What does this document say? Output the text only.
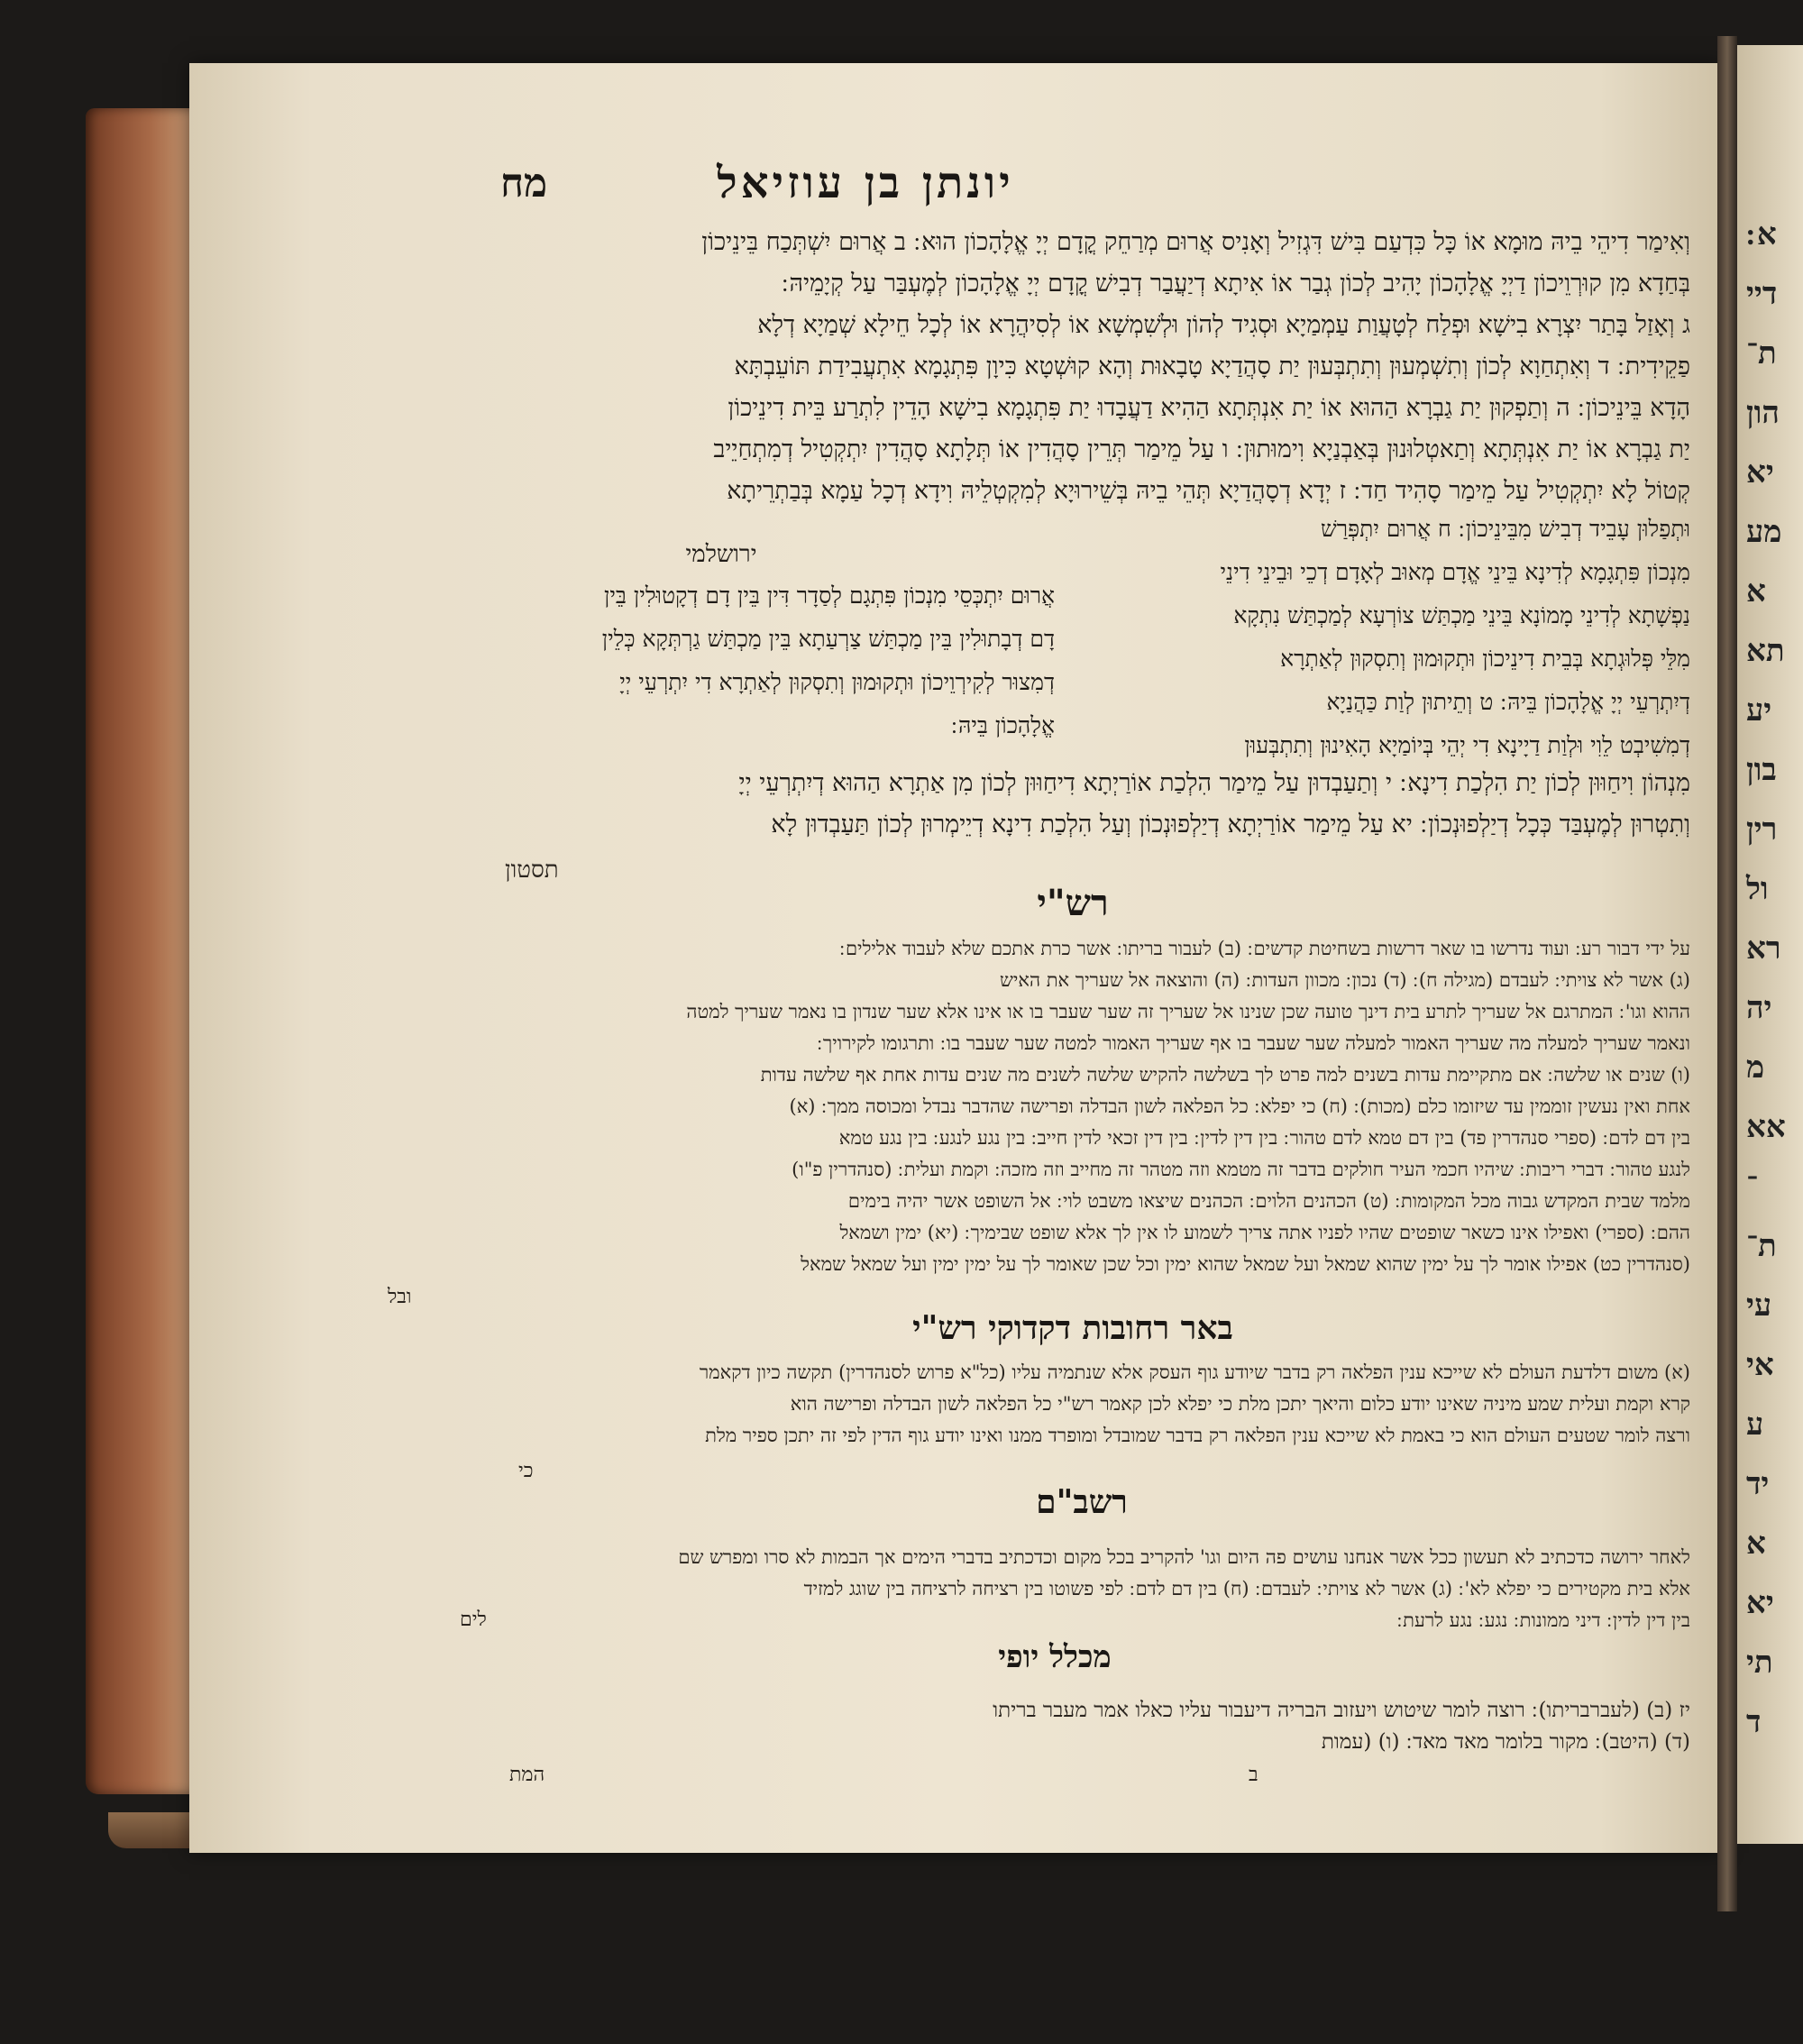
א ׃
דיי
ת־
הון
יא
מע
א
תא
יע
בון
רין
ול
רא
יה
מ
אא
־
ת־
עי
אי
ע
יד
א
יא
תי
ד
יונתן בן עוזיאל
מח
וְאִימַר דִיהֵי בֵיהּ מוּמָא אוֹ כָּל כִּדְעַם בִּישׁ דִּגְזִיל וְאָנִיס אֲרוּם מְרַחֵק קֳדָם יְיָ אֱלָהָכוֹן הוּא ׃ ב אֲרוּם יִשְׁתְּכַח בֵּינֵיכוֹן
בְּחַדָא מִן קוּרְוֵיכוֹן דַיְיָ אֱלָהָכוֹן יָהִיב לְכוֹן גְבַר אוֹ אִיתָא דְיַעֲבַר דְבִישׁ קֳדָם יְיָ אֱלָהָכוֹן לְמֶעְבַּר עַל קְיָמֵיהּ ׃
ג וְאָזַל בָּתַר יִצְרָא בִישָׁא וּפְלַח לְטָעֲוַת עַמְמַיָא וּסְגִיד לְהוֹן וּלְשִׁמְשָׁא אוֹ לְסִיהֲרָא אוֹ לְכָל חֵילָא שְׁמַיָא דְלָא
פַקֵידִית ׃ ד וְאִתְחַוָא לְכוֹן וְתִשְׁמְעוּן וְתִתְבְּעוּן יַת סָהֲדַיָא טָבָאוּת וְהָא קוּשְׁטָא כִּיוָן פִּתְגָמָא אִתְעֲבִידַת תּוֹעֵבְתָּא
הָדָא בֵּינֵיכוֹן ׃ ה וְתַפְקוּן יַת גַבְרָא הַהוּא אוֹ יַת אִנְתְּתָא הַהִיא דַעֲבָדוּ יַת פִּתְגָמָא בִישָׁא הָדֵין לִתְרַע בֵּית דִינֵיכוֹן
יַת גַבְרָא אוֹ יַת אִנְתְּתָא וְתַאטְלוּנוּן בְּאַבְנַיָא וִימוּתוּן ׃ ו עַל מֵימַר תְּרֵין סָהֲדִין אוֹ תְּלָתָא סָהֲדִין יִתְקְטִיל דְמִתְחַיֵיב
קְטוֹל לָא יִתְקְטִיל עַל מֵימַר סָהִיד חַד ׃ ז יְדָא דְסָהֲדַיָא תְּהֵי בֵיהּ בְּשֵׁירוּיָא לְמִקְטְלֵיהּ וִידָא דְכָל עַמָא בְּבַתְרֵיתָא
וּתְפַלוּן עָבֵיד דְבִישׁ מִבֵּינֵיכוֹן ׃ ח אֲרוּם יִתְפְּרַשׁ
מִנְכוֹן פִּתְגָמָא לְדִינָא בֵּינֵי אֱדָם מְאוּב לְאָדָם דְכֵי וּבֵינֵי דִינֵי
נַפְשָׁתָא לְדִינֵי מָמוֹנָא בֵּינֵי מַכְתַּשׁ צוֹרְעָא לְמַכְתַּשׁ נִתְקָא
מִלֵּי פְּלוּגְתָא בְּבֵית דִינֵיכוֹן וּתְקוּמוּן וְתִסְקוּן לְאַתְרָא
דְיִתְרְעֵי יְיָ אֱלָהָכוֹן בֵּיהּ ׃ ט וְתֵיתוּן לְוַת כַּהֲנַיָא
דְמִשִׁיבְט לֵוִי וּלְוַת דַיָינָא דִי יְהֵי בְּיוֹמַיָא הָאִינוּן וְתִתְבְּעוּן
ירושלמי
אֲרוּם יִתְכְּסֵי מִנְכוֹן פִּתְגָם לְסַדָר דִּין בֵּין דָם דְקָטוּלִין בֵּין
דָם דְבָתוּלִין בֵּין מַכְתַּשׁ צַרְעַתָא בֵּין מַכְתַּשׁ גַרְתְּקָא כְּלֵין
דְמִצוּר לְקִירְוֵיכוֹן וּתְקוּמוּן וְתִסְקוּן לְאַתְרָא דִי יִתְרְעֵי יְיָ
אֱלָהָכוֹן בֵּיהּ ׃
מִנְהוֹן וִיחַוּוּן לְכוֹן יַת הִלְכַת דִינָא ׃ י וְתַעַבְדוּן עַל מֵימַר הִלְכַת אוֹרַיְתָא דִיחַוּוּן לְכוֹן מִן אַתְרָא הַהוּא דְיִתְרְעֵי יְיָ
וְתִטְרוּן לְמֶעְבַּד כְּכָל דְיַלְפוּנְכוֹן ׃ יא עַל מֵימַר אוֹרַיְתָא דְיַלְפוּנְכוֹן וְעַל הִלְכַת דִינָא דְיֵימְרוּן לְכוֹן תַּעַבְדוּן לָא
תסטון
רש"י
על ידי דבור רע ׃ ועוד נדרשו בו שאר דרשות בשחיטת קדשים ׃ (ב) לעבור בריתו ׃ אשר כרת אתכם שלא לעבוד אלילים ׃
(ג) אשר לא צויתי ׃ לעבדם (מגילה ח) ׃ (ד) נכון ׃ מכוון העדות ׃ (ה) והוצאה אל שעריך את האיש
ההוא וגו' ׃ המתרגם אל שעריך לתרע בית דינך טועה שכן שנינו אל שעריך זה שער שעבר בו או אינו אלא שער שנדון בו נאמר שעריך למטה
ונאמר שעריך למעלה מה שעריך האמור למעלה שער שעבר בו אף שעריך האמור למטה שער שעבר בו ׃ ותרגומו לקירויך ׃
(ו) שנים או שלשה ׃ אם מתקיימת עדות בשנים למה פרט לך בשלשה להקיש שלשה לשנים מה שנים עדות אחת אף שלשה עדות
אחת ואין נעשין זוממין עד שיזומו כלם (מכות) ׃ (ח) כי יפלא ׃ כל הפלאה לשון הבדלה ופרישה שהדבר נבדל ומכוסה ממך ׃ (א)
בין דם לדם ׃ (ספרי סנהדרין פד) בין דם טמא לדם טהור ׃ בין דין לדין ׃ בין דין זכאי לדין חייב ׃ בין נגע לנגע ׃ בין נגע טמא
לנגע טהור ׃ דברי ריבות ׃ שיהיו חכמי העיר חולקים בדבר זה מטמא וזה מטהר זה מחייב וזה מזכה ׃ וקמת ועלית ׃ (סנהדרין פ"ו)
מלמד שבית המקדש גבוה מכל המקומות ׃ (ט) הכהנים הלוים ׃ הכהנים שיצאו משבט לוי ׃ אל השופט אשר יהיה בימים
ההם ׃ (ספרי) ואפילו אינו כשאר שופטים שהיו לפניו אתה צריך לשמוע לו אין לך אלא שופט שבימיך ׃ (יא) ימין ושמאל
(סנהדרין כט) אפילו אומר לך על ימין שהוא שמאל ועל שמאל שהוא ימין וכל שכן שאומר לך על ימין ימין ועל שמאל שמאל
ובל
באר רחובות דקדוקי רש"י
(א) משום דלדעת העולם לא שייכא ענין הפלאה רק בדבר שיודע גוף העסק אלא שנתמיה עליו (כל"א פרוש לסנהדרין) תקשה כיון דקאמר
קרא וקמת ועלית שמע מיניה שאינו יודע כלום והיאך יתכן מלת כי יפלא לכן קאמר רש"י כל הפלאה לשון הבדלה ופרישה הוא
ורצה לומר שטעים העולם הוא כי באמת לא שייכא ענין הפלאה רק בדבר שמובדל ומופרד ממנו ואינו יודע גוף הדין לפי זה יתכן ספיר מלת
כי
רשב"ם
לאחר ירושה כדכתיב לא תעשון ככל אשר אנחנו עושים פה היום וגו' להקריב בכל מקום וכדכתיב בדברי הימים אך הבמות לא סרו ומפרש שם
אלא בית מקטירים כי יפלא לא' ׃ (ג) אשר לא צויתי ׃ לעבדם ׃ (ח) בין דם לדם ׃ לפי פשוטו בין רציחה לרציחה בין שוגג למזיד
בין דין לדין ׃ דיני ממונות ׃ נגע ׃ נגע לרעת ׃
לים
מכלל יופי
יז (ב) (לעברבריתו) ׃ רוצה לומר שיטוש ויעזוב הבריה דיעבור עליו כאלו אמר מעבר בריתו
(ד) (היטב) ׃ מקור בלומר מאד מאד ׃ (ו) (עמות
המת	ב
